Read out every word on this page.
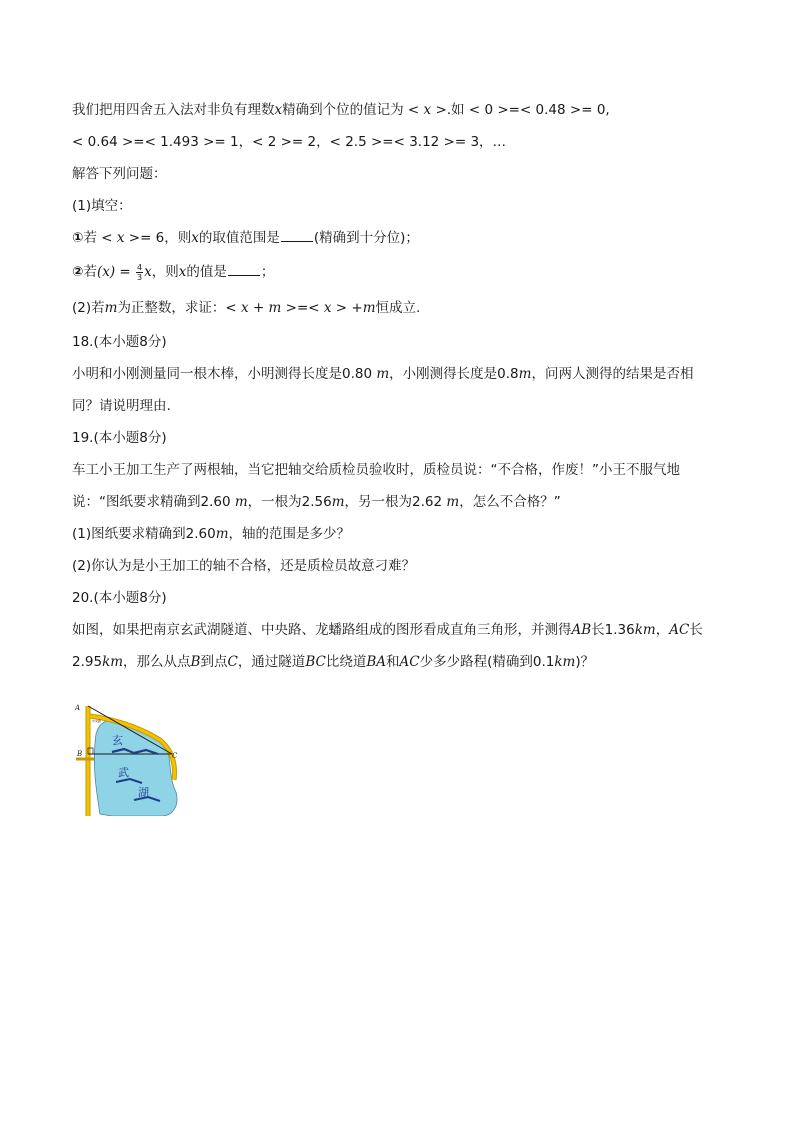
我们把用四舍五入法对非负有理数x精确到个位的值记为 < x >.如 < 0 >=< 0.48 >= 0,
< 0.64 >=< 1.493 >= 1，< 2 >= 2，< 2.5 >=< 3.12 >= 3，…
解答下列问题：
(1)填空：
①若 < x >= 6，则x的取值范围是	(精确到十分位)；
②若$(x) = \frac{4}{3}$ x，则x的值是	；
(2)若m为正整数，求证：< x + m >=< x > +m恒成立.
18.(本小题8分)
小明和小刚测量同一根木棒，小明测得长度是0.80 m，小刚测得长度是0.8m，问两人测得的结果是否相
同？请说明理由.
19.(本小题8分)
车工小王加工生产了两根轴，当它把轴交给质检员验收时，质检员说：“不合格，作废！”小王不服气地
说：“图纸要求精确到2.60 m，一根为2.56m，另一根为2.62 m，怎么不合格？”
(1)图纸要求精确到2.60m，轴的范围是多少？
(2)你认为是小王加工的轴不合格，还是质检员故意刁难？
20.(本小题8分)
如图，如果把南京玄武湖隧道、中央路、龙蟠路组成的图形看成直角三角形，并测得AB长1.36km，AC长
2.95km，那么从点B到点C，通过隧道BC比绕道BA和AC少多少路程(精确到0.1km)？
A
B	C
中央路
玄
武
湖
